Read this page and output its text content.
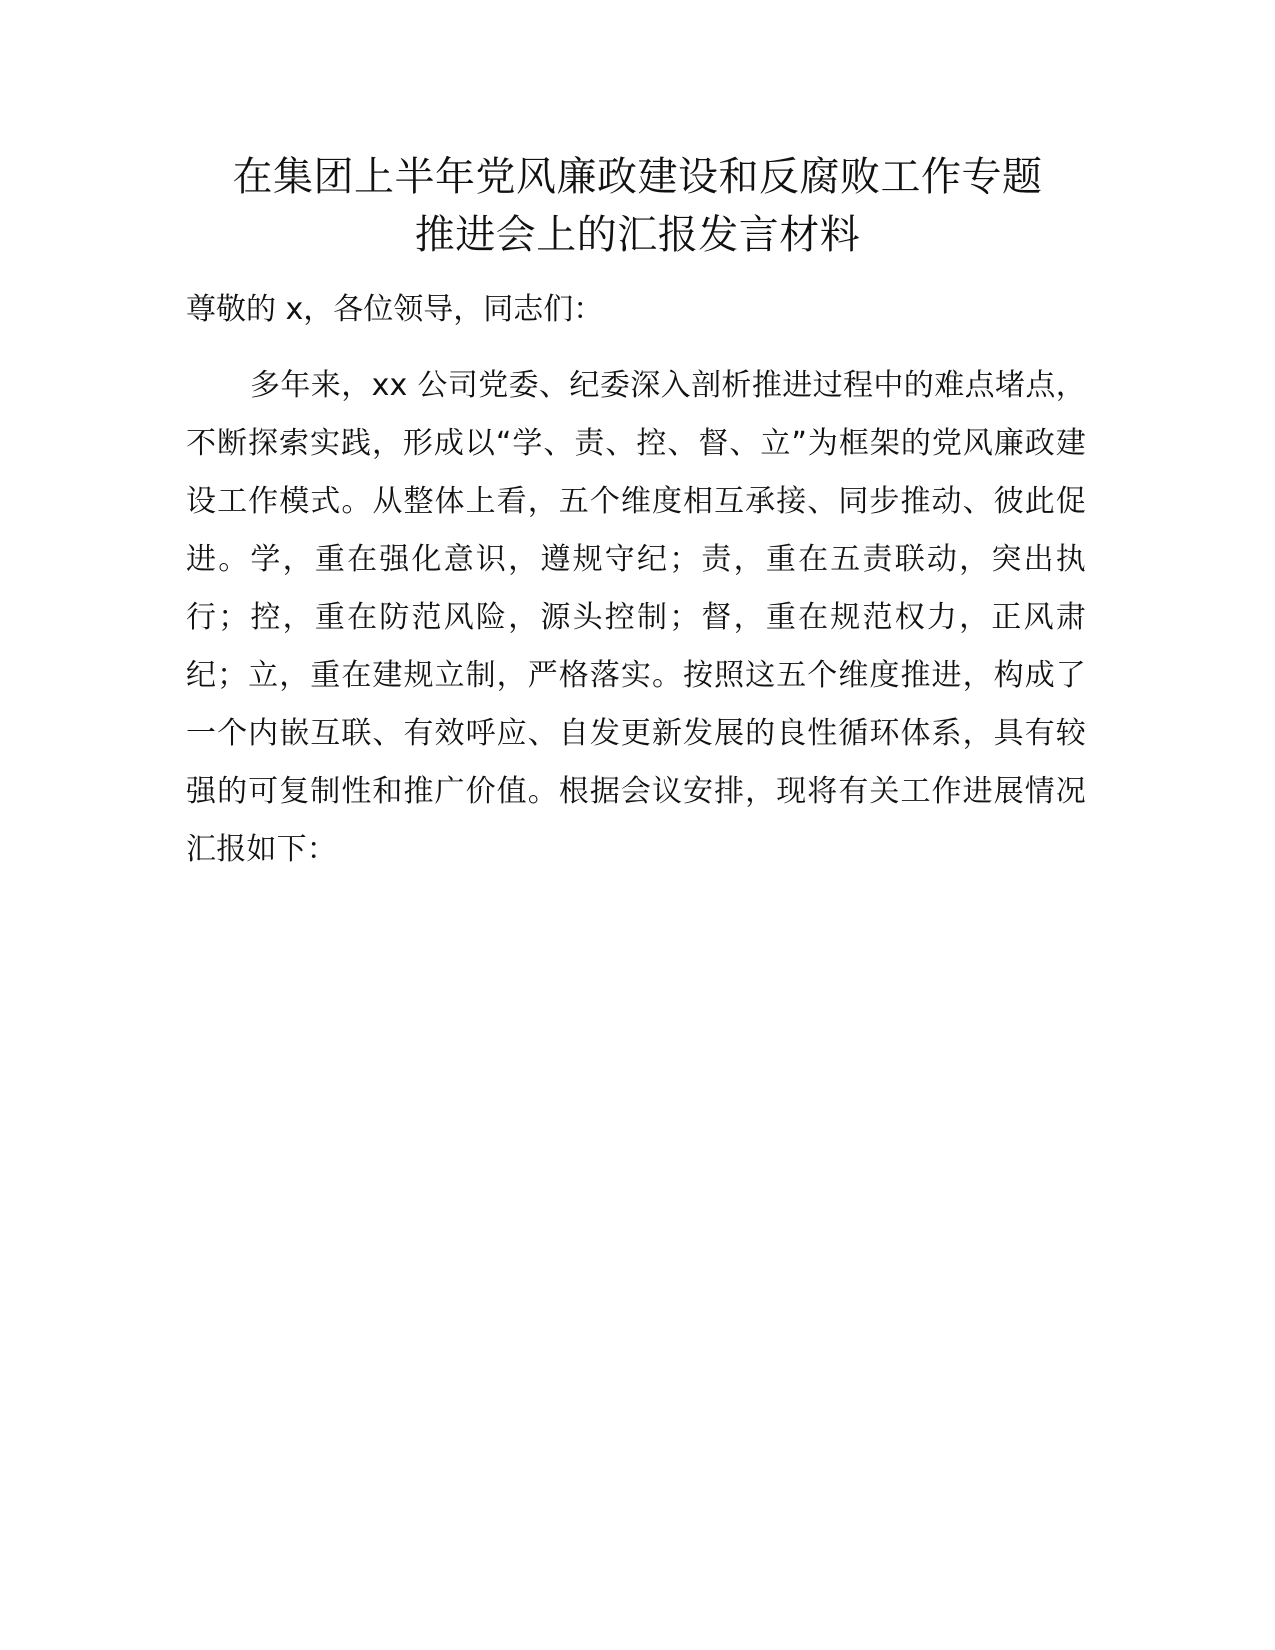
在集团上半年党风廉政建设和反腐败工作专题
推进会上的汇报发言材料

尊敬的 x，各位领导，同志们：

多年来，xx 公司党委、纪委深入剖析推进过程中的难点堵点，不断探索实践，形成以“学、责、控、督、立”为框架的党风廉政建设工作模式。从整体上看，五个维度相互承接、同步推动、彼此促进。学，重在强化意识，遵规守纪；责，重在五责联动，突出执行；控，重在防范风险，源头控制；督，重在规范权力，正风肃纪；立，重在建规立制，严格落实。按照这五个维度推进，构成了一个内嵌互联、有效呼应、自发更新发展的良性循环体系，具有较强的可复制性和推广价值。根据会议安排，现将有关工作进展情况汇报如下：
